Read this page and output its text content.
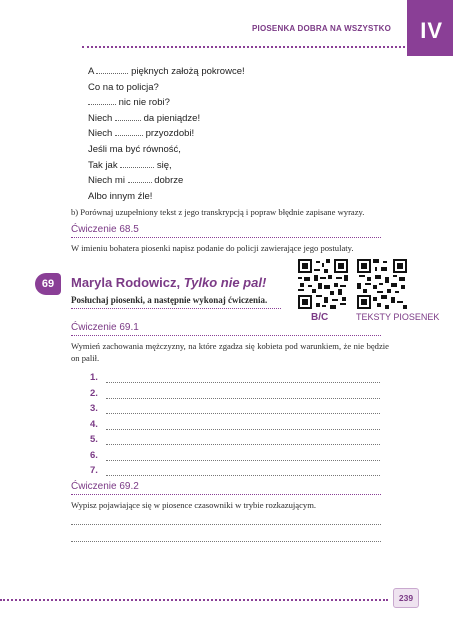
PIOSENKA DOBRA NA WSZYSTKO IV
A	pięknych założą pokrowce!
Co na to policja?
nic nie robi?
Niech	da pieniądze!
Niech	przyozdobi!
Jeśli ma być równość,
Tak jak	się,
Niech mi	dobrze
Albo innym źle!
b) Porównaj uzupełniony tekst z jego transkrypcją i popraw błędnie zapisane wyrazy.
Ćwiczenie 68.5
W imieniu bohatera piosenki napisz podanie do policji zawierające jego postulaty.
69	Maryla Rodowicz, Tylko nie pal!
Posłuchaj piosenki, a następnie wykonaj ćwiczenia.
B/C	TEKSTY PIOSENEK
Ćwiczenie 69.1
Wymień zachowania mężczyzny, na które zgadza się kobieta pod warunkiem, że nie będzie on palił.
1.
2.
3.
4.
5.
6.
7.
Ćwiczenie 69.2
Wypisz pojawiające się w piosence czasowniki w trybie rozkazującym.
239
